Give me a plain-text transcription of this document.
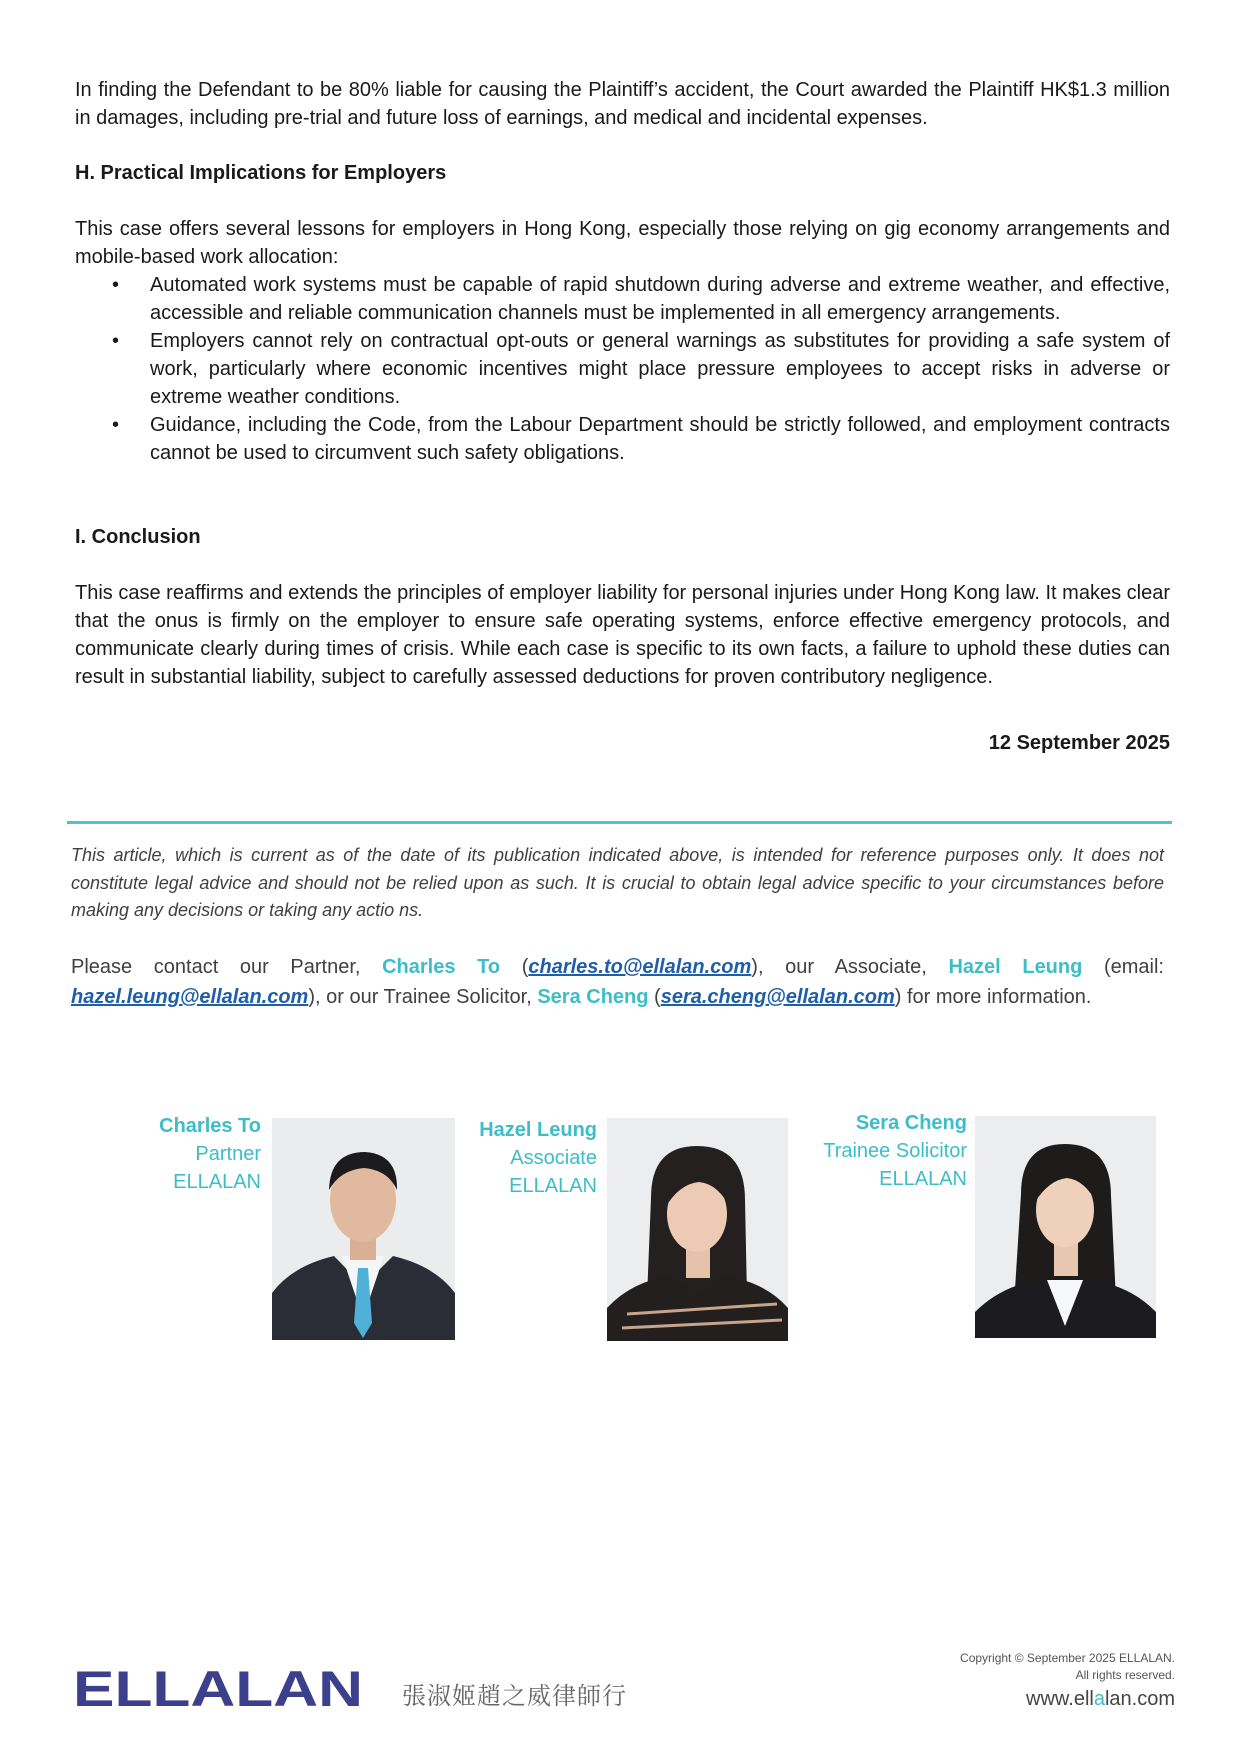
In finding the Defendant to be 80% liable for causing the Plaintiff’s accident, the Court awarded the Plaintiff HK$1.3 million in damages, including pre-trial and future loss of earnings, and medical and incidental expenses.
H. Practical Implications for Employers
This case offers several lessons for employers in Hong Kong, especially those relying on gig economy arrangements and mobile-based work allocation:
• Automated work systems must be capable of rapid shutdown during adverse and extreme weather, and effective, accessible and reliable communication channels must be implemented in all emergency arrangements.
• Employers cannot rely on contractual opt-outs or general warnings as substitutes for providing a safe system of work, particularly where economic incentives might place pressure employees to accept risks in adverse or extreme weather conditions.
• Guidance, including the Code, from the Labour Department should be strictly followed, and employment contracts cannot be used to circumvent such safety obligations.
I. Conclusion
This case reaffirms and extends the principles of employer liability for personal injuries under Hong Kong law. It makes clear that the onus is firmly on the employer to ensure safe operating systems, enforce effective emergency protocols, and communicate clearly during times of crisis. While each case is specific to its own facts, a failure to uphold these duties can result in substantial liability, subject to carefully assessed deductions for proven contributory negligence.
12 September 2025
This article, which is current as of the date of its publication indicated above, is intended for reference purposes only. It does not constitute legal advice and should not be relied upon as such. It is crucial to obtain legal advice specific to your circumstances before making any decisions or taking any actio ns.
Please contact our Partner, Charles To (charles.to@ellalan.com), our Associate, Hazel Leung (email: hazel.leung@ellalan.com), or our Trainee Solicitor, Sera Cheng (sera.cheng@ellalan.com) for more information.
Charles To
Partner
ELLALAN
Hazel Leung
Associate
ELLALAN
Sera Cheng
Trainee Solicitor
ELLALAN
ELLALAN 張淑姬趙之威律師行
Copyright © September 2025 ELLALAN.
All rights reserved.
www.ellalan.com
